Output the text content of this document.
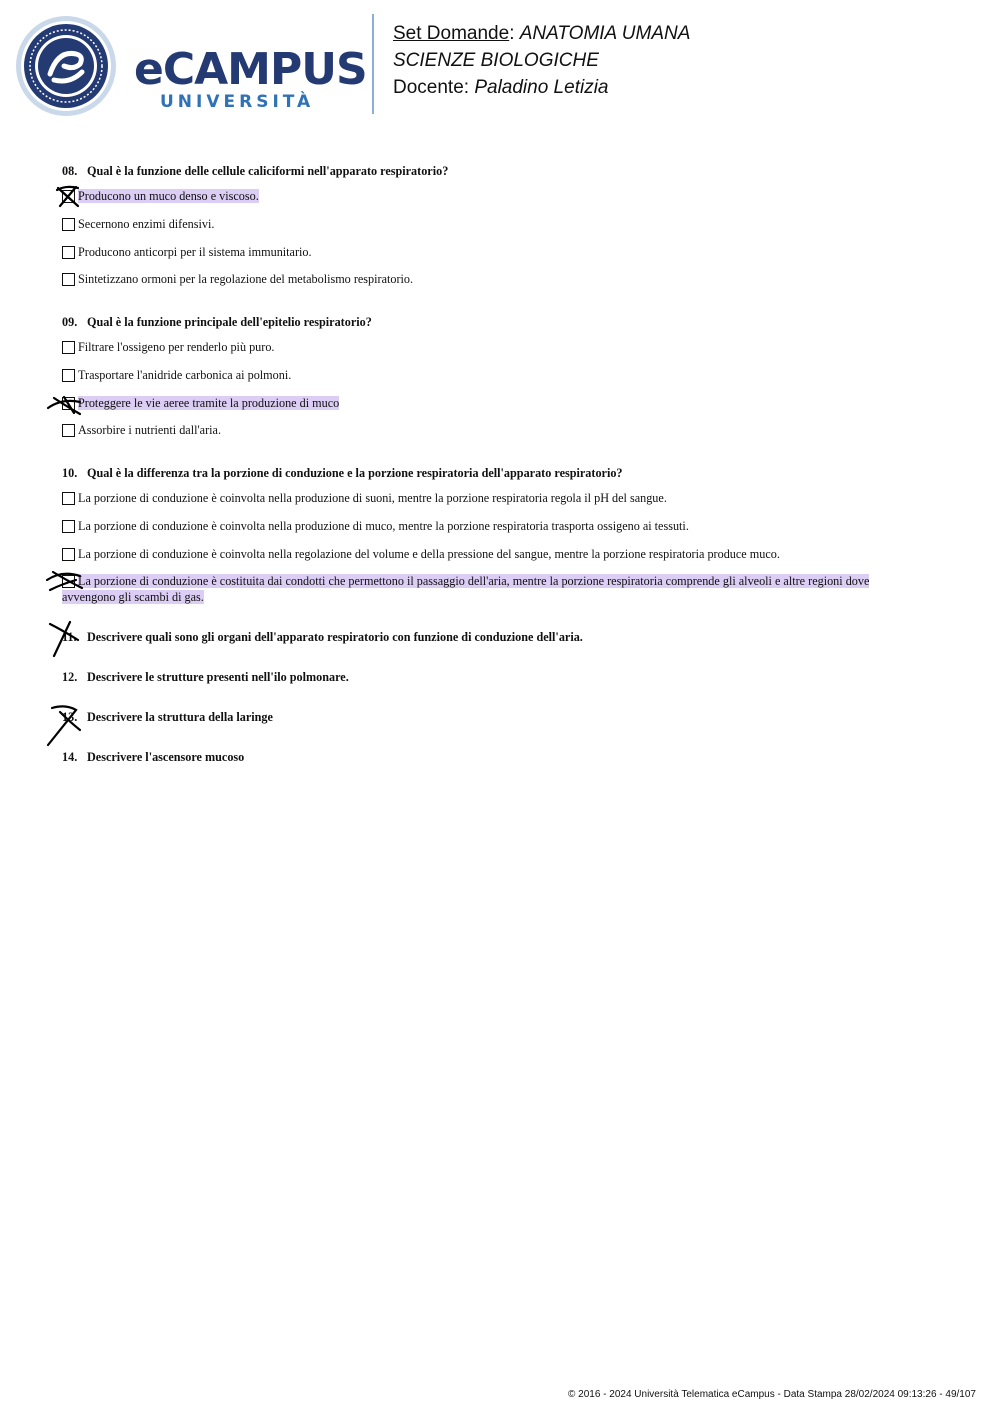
eCAMPUS
UNIVERSITÀ
Set Domande: ANATOMIA UMANA
SCIENZE BIOLOGICHE
Docente: Paladino Letizia
08. Qual è la funzione delle cellule caliciformi nell'apparato respiratorio?
Producono un muco denso e viscoso.
Secernono enzimi difensivi.
Producono anticorpi per il sistema immunitario.
Sintetizzano ormoni per la regolazione del metabolismo respiratorio.
09. Qual è la funzione principale dell'epitelio respiratorio?
Filtrare l'ossigeno per renderlo più puro.
Trasportare l'anidride carbonica ai polmoni.
Proteggere le vie aeree tramite la produzione di muco
Assorbire i nutrienti dall'aria.
10. Qual è la differenza tra la porzione di conduzione e la porzione respiratoria dell'apparato respiratorio?
La porzione di conduzione è coinvolta nella produzione di suoni, mentre la porzione respiratoria regola il pH del sangue.
La porzione di conduzione è coinvolta nella produzione di muco, mentre la porzione respiratoria trasporta ossigeno ai tessuti.
La porzione di conduzione è coinvolta nella regolazione del volume e della pressione del sangue, mentre la porzione respiratoria produce muco.
La porzione di conduzione è costituita dai condotti che permettono il passaggio dell'aria, mentre la porzione respiratoria comprende gli alveoli e altre regioni dove
avvengono gli scambi di gas.
11. Descrivere quali sono gli organi dell'apparato respiratorio con funzione di conduzione dell'aria.
12. Descrivere le strutture presenti nell'ilo polmonare.
13. Descrivere la struttura della laringe
14. Descrivere l'ascensore mucoso
© 2016 - 2024 Università Telematica eCampus - Data Stampa 28/02/2024 09:13:26 - 49/107
